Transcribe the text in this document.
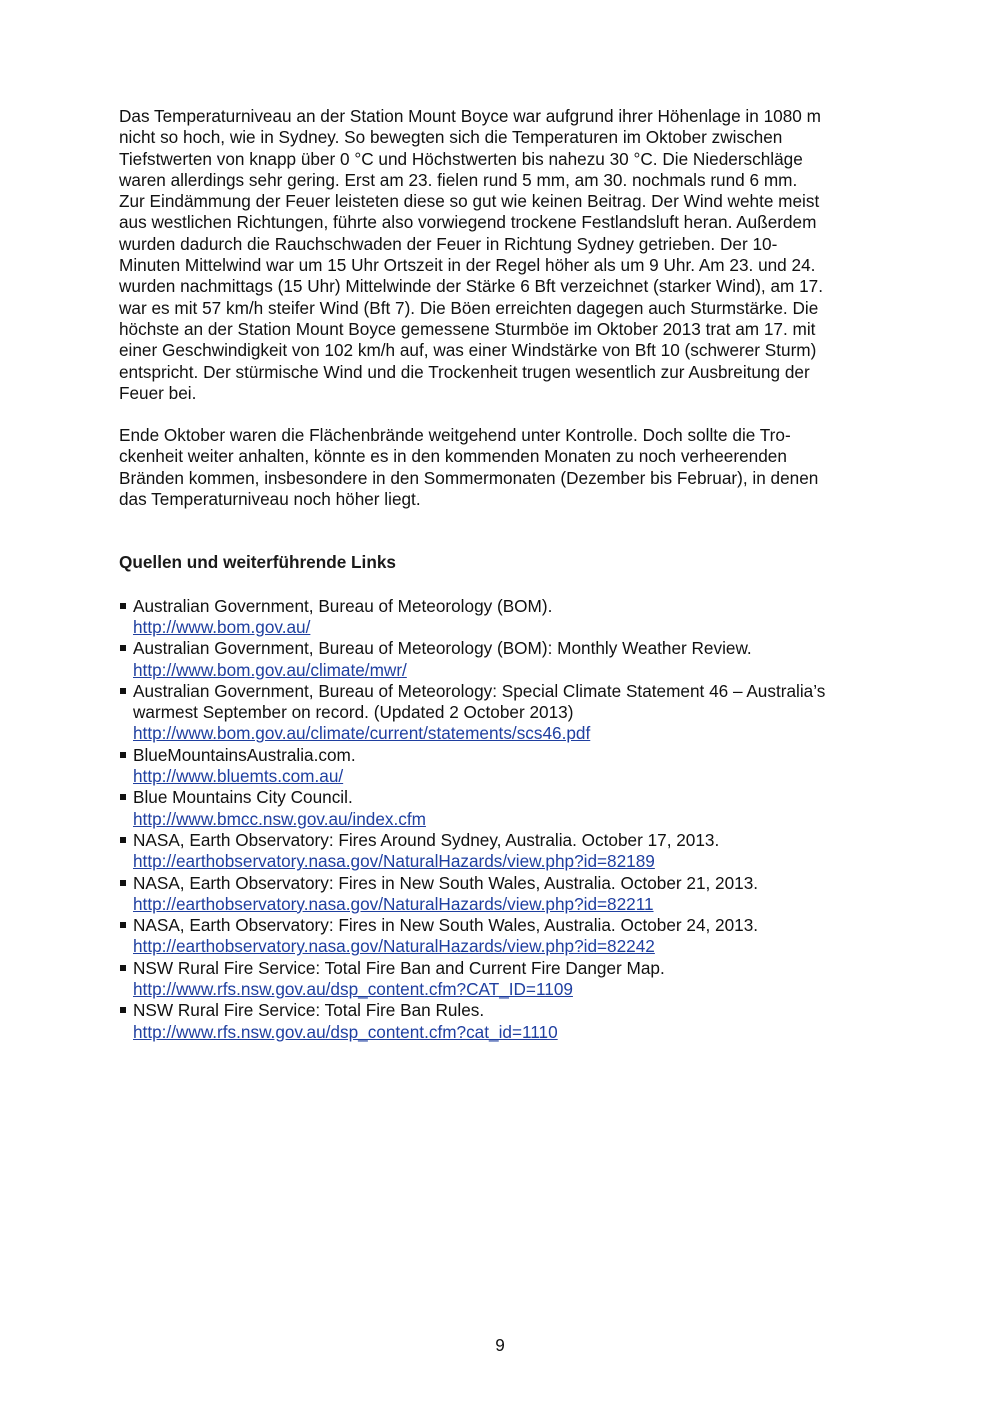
Das Temperaturniveau an der Station Mount Boyce war aufgrund ihrer Höhenlage in 1080 m
nicht so hoch, wie in Sydney. So bewegten sich die Temperaturen im Oktober zwischen
Tiefstwerten von knapp über 0 °C und Höchstwerten bis nahezu 30 °C. Die Niederschläge
waren allerdings sehr gering. Erst am 23. fielen rund 5 mm, am 30. nochmals rund 6 mm.
Zur Eindämmung der Feuer leisteten diese so gut wie keinen Beitrag. Der Wind wehte meist
aus westlichen Richtungen, führte also vorwiegend trockene Festlandsluft heran. Außerdem
wurden dadurch die Rauchschwaden der Feuer in Richtung Sydney getrieben. Der 10-
Minuten Mittelwind war um 15 Uhr Ortszeit in der Regel höher als um 9 Uhr. Am 23. und 24.
wurden nachmittags (15 Uhr) Mittelwinde der Stärke 6 Bft verzeichnet (starker Wind), am 17.
war es mit 57 km/h steifer Wind (Bft 7). Die Böen erreichten dagegen auch Sturmstärke. Die
höchste an der Station Mount Boyce gemessene Sturmböe im Oktober 2013 trat am 17. mit
einer Geschwindigkeit von 102 km/h auf, was einer Windstärke von Bft 10 (schwerer Sturm)
entspricht. Der stürmische Wind und die Trockenheit trugen wesentlich zur Ausbreitung der
Feuer bei.

Ende Oktober waren die Flächenbrände weitgehend unter Kontrolle. Doch sollte die Tro-
ckenheit weiter anhalten, könnte es in den kommenden Monaten zu noch verheerenden
Bränden kommen, insbesondere in den Sommermonaten (Dezember bis Februar), in denen
das Temperaturniveau noch höher liegt.

Quellen und weiterführende Links
Australian Government, Bureau of Meteorology (BOM).
http://www.bom.gov.au/
Australian Government, Bureau of Meteorology (BOM): Monthly Weather Review.
http://www.bom.gov.au/climate/mwr/
Australian Government, Bureau of Meteorology: Special Climate Statement 46 – Australia’s
warmest September on record. (Updated 2 October 2013)
http://www.bom.gov.au/climate/current/statements/scs46.pdf
BlueMountainsAustralia.com.
http://www.bluemts.com.au/
Blue Mountains City Council.
http://www.bmcc.nsw.gov.au/index.cfm
NASA, Earth Observatory: Fires Around Sydney, Australia. October 17, 2013.
http://earthobservatory.nasa.gov/NaturalHazards/view.php?id=82189
NASA, Earth Observatory: Fires in New South Wales, Australia. October 21, 2013.
http://earthobservatory.nasa.gov/NaturalHazards/view.php?id=82211
NASA, Earth Observatory: Fires in New South Wales, Australia. October 24, 2013.
http://earthobservatory.nasa.gov/NaturalHazards/view.php?id=82242
NSW Rural Fire Service: Total Fire Ban and Current Fire Danger Map.
http://www.rfs.nsw.gov.au/dsp_content.cfm?CAT_ID=1109
NSW Rural Fire Service: Total Fire Ban Rules.
http://www.rfs.nsw.gov.au/dsp_content.cfm?cat_id=1110
9
